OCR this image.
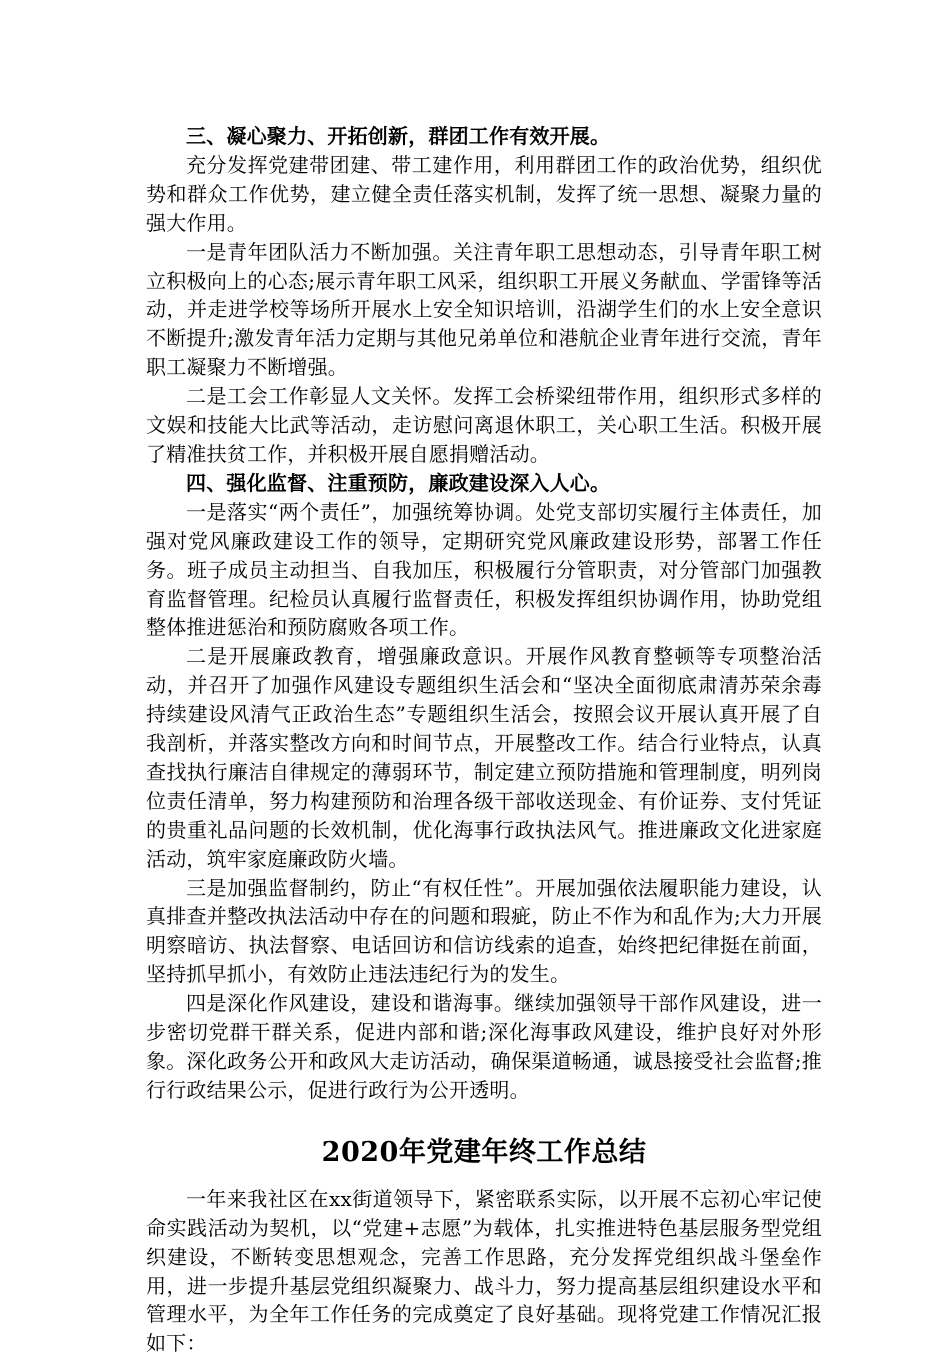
三、凝心聚力、开拓创新，群团工作有效开展。

充分发挥党建带团建、带工建作用，利用群团工作的政治优势，组织优势和群众工作优势，建立健全责任落实机制，发挥了统一思想、凝聚力量的强大作用。

一是青年团队活力不断加强。关注青年职工思想动态，引导青年职工树立积极向上的心态;展示青年职工风采，组织职工开展义务献血、学雷锋等活动，并走进学校等场所开展水上安全知识培训，沿湖学生们的水上安全意识不断提升;激发青年活力定期与其他兄弟单位和港航企业青年进行交流，青年职工凝聚力不断增强。

二是工会工作彰显人文关怀。发挥工会桥梁纽带作用，组织形式多样的文娱和技能大比武等活动，走访慰问离退休职工，关心职工生活。积极开展了精准扶贫工作，并积极开展自愿捐赠活动。

四、强化监督、注重预防，廉政建设深入人心。

一是落实“两个责任”，加强统筹协调。处党支部切实履行主体责任，加强对党风廉政建设工作的领导，定期研究党风廉政建设形势，部署工作任务。班子成员主动担当、自我加压，积极履行分管职责，对分管部门加强教育监督管理。纪检员认真履行监督责任，积极发挥组织协调作用，协助党组整体推进惩治和预防腐败各项工作。

二是开展廉政教育，增强廉政意识。开展作风教育整顿等专项整治活动，并召开了加强作风建设专题组织生活会和“坚决全面彻底肃清苏荣余毒持续建设风清气正政治生态”专题组织生活会，按照会议开展认真开展了自我剖析，并落实整改方向和时间节点，开展整改工作。结合行业特点，认真查找执行廉洁自律规定的薄弱环节，制定建立预防措施和管理制度，明列岗位责任清单，努力构建预防和治理各级干部收送现金、有价证券、支付凭证的贵重礼品问题的长效机制，优化海事行政执法风气。推进廉政文化进家庭活动，筑牢家庭廉政防火墙。

三是加强监督制约，防止“有权任性”。开展加强依法履职能力建设，认真排查并整改执法活动中存在的问题和瑕疵，防止不作为和乱作为;大力开展明察暗访、执法督察、电话回访和信访线索的追查，始终把纪律挺在前面，坚持抓早抓小，有效防止违法违纪行为的发生。

四是深化作风建设，建设和谐海事。继续加强领导干部作风建设，进一步密切党群干群关系，促进内部和谐;深化海事政风建设，维护良好对外形象。深化政务公开和政风大走访活动，确保渠道畅通，诚恳接受社会监督;推行行政结果公示，促进行政行为公开透明。

2020年党建年终工作总结

一年来我社区在xx街道领导下，紧密联系实际，以开展不忘初心牢记使命实践活动为契机，以“党建+志愿”为载体，扎实推进特色基层服务型党组织建设，不断转变思想观念，完善工作思路，充分发挥党组织战斗堡垒作用，进一步提升基层党组织凝聚力、战斗力，努力提高基层组织建设水平和管理水平，为全年工作任务的完成奠定了良好基础。现将党建工作情况汇报如下：
